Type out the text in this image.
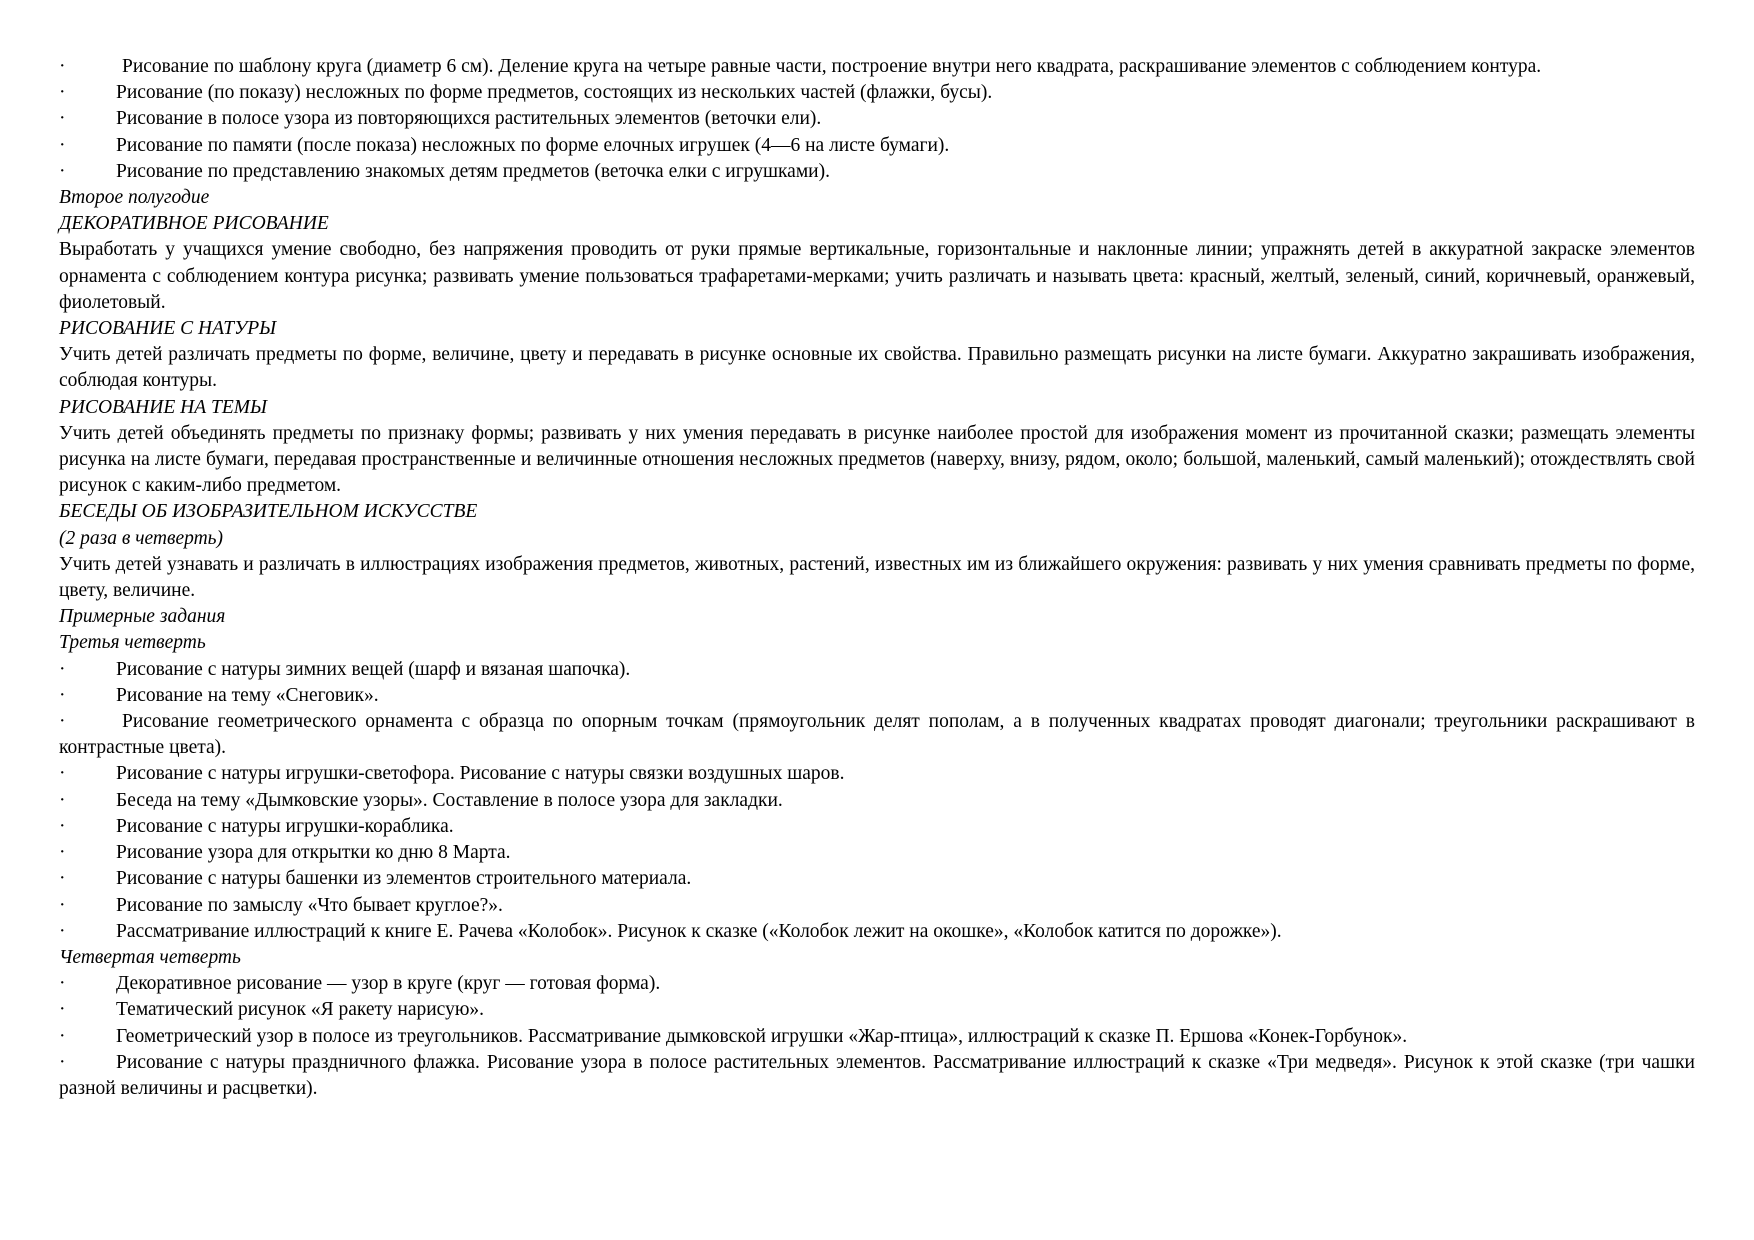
·	Рисование по шаблону круга (диаметр 6 см). Деление круга на четыре равные части, построение внутри него квадрата, раскрашивание элементов с соблюдением контура.
·	Рисование (по показу) несложных по форме предметов, состоящих из нескольких частей (флажки, бусы).
·	Рисование в полосе узора из повторяющихся растительных элементов (веточки ели).
·	Рисование по памяти (после показа) несложных по форме елочных игрушек (4—6 на листе бумаги).
·	Рисование по представлению знакомых детям предметов (веточка елки с игрушками).
Второе полугодие
ДЕКОРАТИВНОЕ РИСОВАНИЕ
Выработать у учащихся умение свободно, без напряжения проводить от руки прямые вертикальные, горизонтальные и наклонные линии; упражнять детей в аккуратной закраске элементов орнамента с соблюдением контура рисунка; развивать умение пользоваться трафаретами-мерками; учить различать и называть цвета: красный, желтый, зеленый, синий, коричневый, оранжевый, фиолетовый.
РИСОВАНИЕ С НАТУРЫ
Учить детей различать предметы по форме, величине, цвету и передавать в рисунке основные их свойства. Правильно размещать рисунки на листе бумаги. Аккуратно закрашивать изображения, соблюдая контуры.
РИСОВАНИЕ НА ТЕМЫ
Учить детей объединять предметы по признаку формы; развивать у них умения передавать в рисунке наиболее простой для изображения момент из прочитанной сказки; размещать элементы рисунка на листе бумаги, передавая пространственные и величинные отношения несложных предметов (наверху, внизу, рядом, около; большой, маленький, самый маленький); отождествлять свой рисунок с каким-либо предметом.
БЕСЕДЫ ОБ ИЗОБРАЗИТЕЛЬНОМ ИСКУССТВЕ
(2 раза в четверть)
Учить детей узнавать и различать в иллюстрациях изображения предметов, животных, растений, известных им из ближайшего окружения: развивать у них умения сравнивать предметы по форме, цвету, величине.
Примерные задания
Третья четверть
·	Рисование с натуры зимних вещей (шарф и вязаная шапочка).
·	Рисование на тему «Снеговик».
·	Рисование геометрического орнамента с образца по опорным точкам (прямоугольник делят пополам, а в полученных квадратах проводят диагонали; треугольники раскрашивают в контрастные цвета).
·	Рисование с натуры игрушки-светофора. Рисование с натуры связки воздушных шаров.
·	Беседа на тему «Дымковские узоры». Составление в полосе узора для закладки.
·	Рисование с натуры игрушки-кораблика.
·	Рисование узора для открытки ко дню 8 Марта.
·	Рисование с натуры башенки из элементов строительного материала.
·	Рисование по замыслу «Что бывает круглое?».
·	Рассматривание иллюстраций к книге Е. Рачева «Колобок». Рисунок к сказке («Колобок лежит на окошке», «Колобок катится по дорожке»).
Четвертая четверть
·	Декоративное рисование — узор в круге (круг — готовая форма).
·	Тематический рисунок «Я ракету нарисую».
·	Геометрический узор в полосе из треугольников. Рассматривание дымковской игрушки «Жар-птица», иллюстраций к сказке П. Ершова «Конек-Горбунок».
·	Рисование с натуры праздничного флажка. Рисование узора в полосе растительных элементов. Рассматривание иллюстраций к сказке «Три медведя». Рисунок к этой сказке (три чашки разной величины и расцветки).
